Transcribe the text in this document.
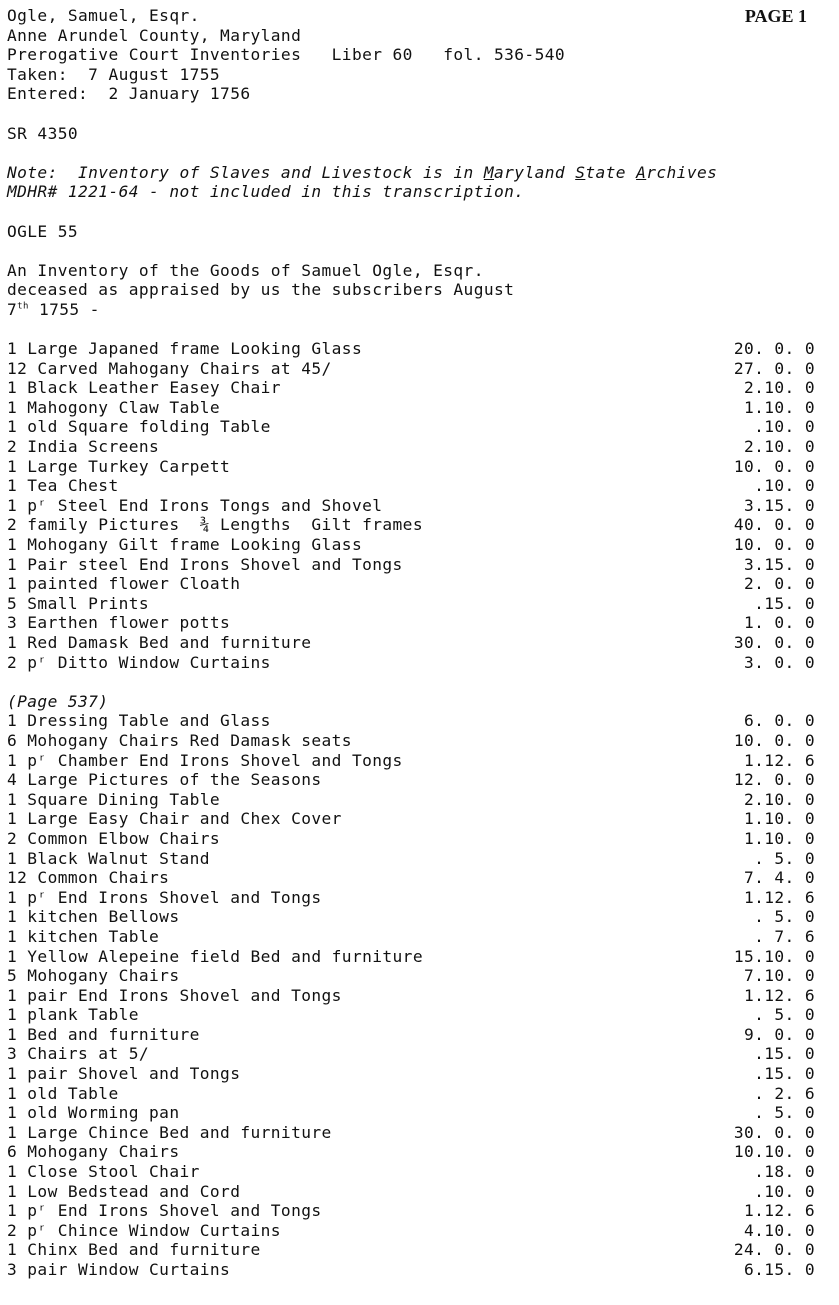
PAGE 1
Ogle, Samuel, Esqr.
Anne Arundel County, Maryland
Prerogative Court Inventories   Liber 60   fol. 536-540
Taken:  7 August 1755
Entered:  2 January 1756
SR 4350
Note:  Inventory of Slaves and Livestock is in Maryland State Archives
MDHR# 1221-64 - not included in this transcription.
OGLE 55
An Inventory of the Goods of Samuel Ogle, Esqr.
deceased as appraised by us the subscribers August
7th 1755 -
1 Large Japaned frame Looking Glass	20. 0. 0
12 Carved Mahogany Chairs at 45/	27. 0. 0
1 Black Leather Easey Chair	2.10. 0
1 Mahogony Claw Table	1.10. 0
1 old Square folding Table	.10. 0
2 India Screens	2.10. 0
1 Large Turkey Carpett	10. 0. 0
1 Tea Chest	.10. 0
1 pʳ Steel End Irons Tongs and Shovel	3.15. 0
2 family Pictures  ¾ Lengths  Gilt frames	40. 0. 0
1 Mohogany Gilt frame Looking Glass	10. 0. 0
1 Pair steel End Irons Shovel and Tongs	3.15. 0
1 painted flower Cloath	2. 0. 0
5 Small Prints	.15. 0
3 Earthen flower potts	1. 0. 0
1 Red Damask Bed and furniture	30. 0. 0
2 pʳ Ditto Window Curtains	3. 0. 0
(Page 537)
1 Dressing Table and Glass	6. 0. 0
6 Mohogany Chairs Red Damask seats	10. 0. 0
1 pʳ Chamber End Irons Shovel and Tongs	1.12. 6
4 Large Pictures of the Seasons	12. 0. 0
1 Square Dining Table	2.10. 0
1 Large Easy Chair and Chex Cover	1.10. 0
2 Common Elbow Chairs	1.10. 0
1 Black Walnut Stand	. 5. 0
12 Common Chairs	7. 4. 0
1 pʳ End Irons Shovel and Tongs	1.12. 6
1 kitchen Bellows	. 5. 0
1 kitchen Table	. 7. 6
1 Yellow Alepeine field Bed and furniture	15.10. 0
5 Mohogany Chairs	7.10. 0
1 pair End Irons Shovel and Tongs	1.12. 6
1 plank Table	. 5. 0
1 Bed and furniture	9. 0. 0
3 Chairs at 5/	.15. 0
1 pair Shovel and Tongs	.15. 0
1 old Table	. 2. 6
1 old Worming pan	. 5. 0
1 Large Chince Bed and furniture	30. 0. 0
6 Mohogany Chairs	10.10. 0
1 Close Stool Chair	.18. 0
1 Low Bedstead and Cord	.10. 0
1 pʳ End Irons Shovel and Tongs	1.12. 6
2 pʳ Chince Window Curtains	4.10. 0
1 Chinx Bed and furniture	24. 0. 0
3 pair Window Curtains	6.15. 0
